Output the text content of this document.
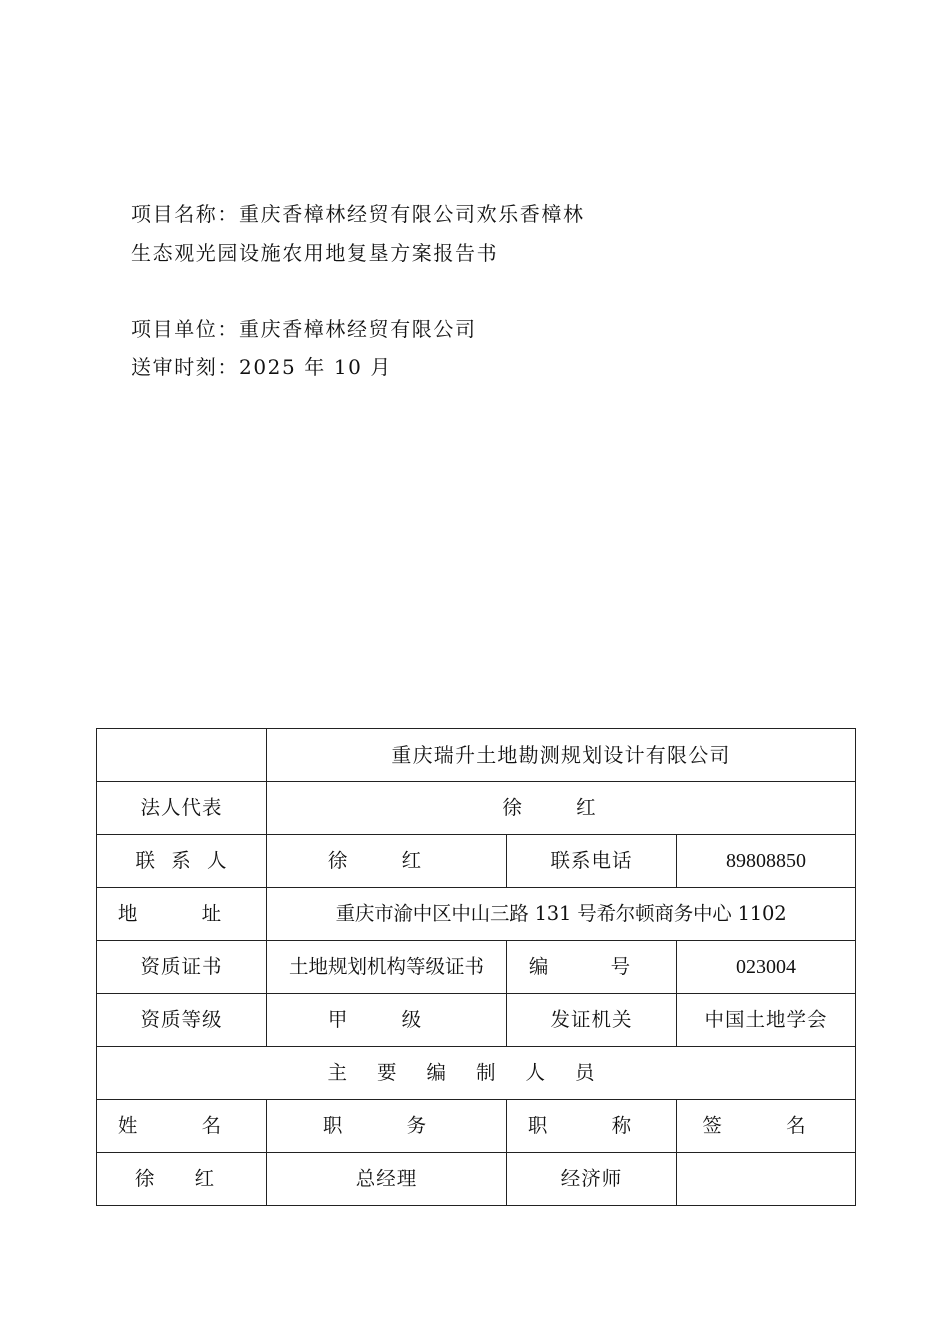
项目名称：重庆香樟林经贸有限公司欢乐香樟林
生态观光园设施农用地复垦方案报告书
项目单位：重庆香樟林经贸有限公司
送审时刻：2025 年 10 月
	重庆瑞升土地勘测规划设计有限公司		
法人代表	徐 红		
联 系 人	徐 红	联系电话	89808850
地 址	重庆市渝中区中山三路 131 号希尔顿商务中心 1102		
资质证书	土地规划机构等级证书	编 号	023004
资质等级	甲 级	发证机关	中国土地学会
主要编制人员			
姓 名	职 务	职 称	签 名
徐 红	总经理	经济师	
